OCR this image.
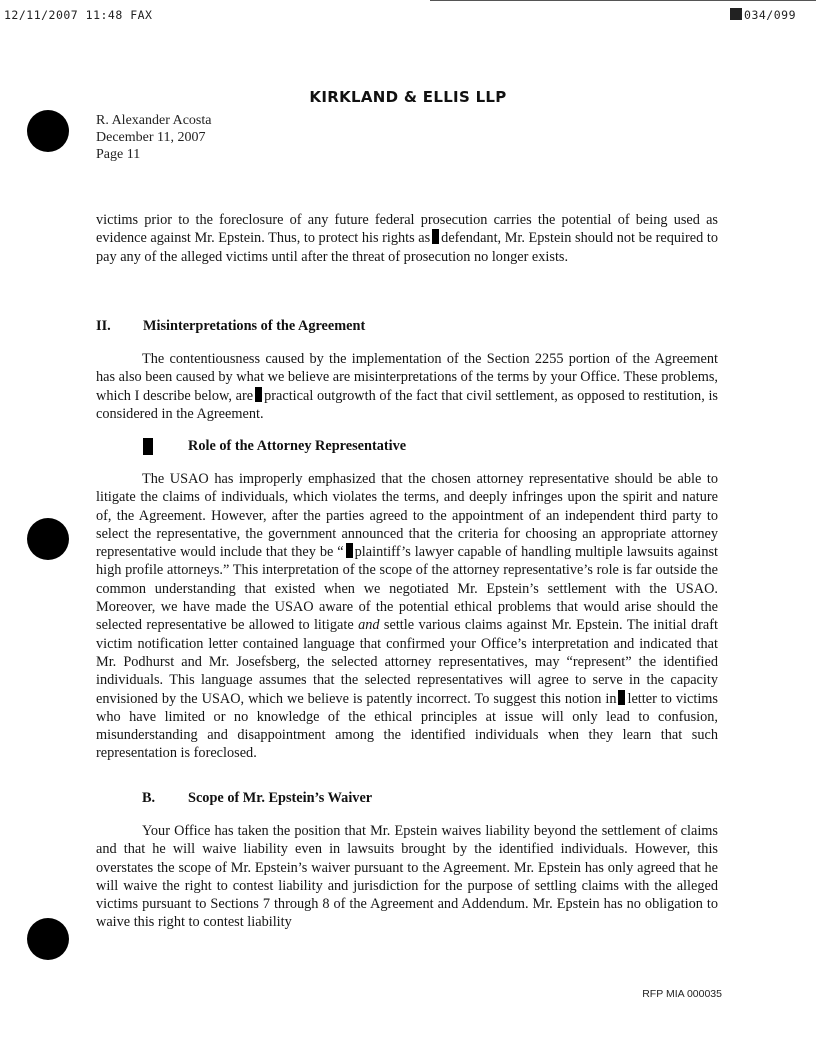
12/11/2007 11:48 FAX	034/099
KIRKLAND & ELLIS LLP
R. Alexander Acosta
December 11, 2007
Page 11

victims prior to the foreclosure of any future federal prosecution carries the potential of being used as evidence against Mr. Epstein. Thus, to protect his rights as defendant, Mr. Epstein should not be required to pay any of the alleged victims until after the threat of prosecution no longer exists.

II. Misinterpretations of the Agreement

The contentiousness caused by the implementation of the Section 2255 portion of the Agreement has also been caused by what we believe are misinterpretations of the terms by your Office. These problems, which I describe below, are practical outgrowth of the fact that civil settlement, as opposed to restitution, is considered in the Agreement.

Role of the Attorney Representative

The USAO has improperly emphasized that the chosen attorney representative should be able to litigate the claims of individuals, which violates the terms, and deeply infringes upon the spirit and nature of, the Agreement. However, after the parties agreed to the appointment of an independent third party to select the representative, the government announced that the criteria for choosing an appropriate attorney representative would include that they be “ plaintiff’s lawyer capable of handling multiple lawsuits against high profile attorneys.” This interpretation of the scope of the attorney representative’s role is far outside the common understanding that existed when we negotiated Mr. Epstein’s settlement with the USAO. Moreover, we have made the USAO aware of the potential ethical problems that would arise should the selected representative be allowed to litigate and settle various claims against Mr. Epstein. The initial draft victim notification letter contained language that confirmed your Office’s interpretation and indicated that Mr. Podhurst and Mr. Josefsberg, the selected attorney representatives, may “represent” the identified individuals. This language assumes that the selected representatives will agree to serve in the capacity envisioned by the USAO, which we believe is patently incorrect. To suggest this notion in letter to victims who have limited or no knowledge of the ethical principles at issue will only lead to confusion, misunderstanding and disappointment among the identified individuals when they learn that such representation is foreclosed.

B. Scope of Mr. Epstein’s Waiver

Your Office has taken the position that Mr. Epstein waives liability beyond the settlement of claims and that he will waive liability even in lawsuits brought by the identified individuals. However, this overstates the scope of Mr. Epstein’s waiver pursuant to the Agreement. Mr. Epstein has only agreed that he will waive the right to contest liability and jurisdiction for the purpose of settling claims with the alleged victims pursuant to Sections 7 through 8 of the Agreement and Addendum. Mr. Epstein has no obligation to waive this right to contest liability

RFP MIA 000035
